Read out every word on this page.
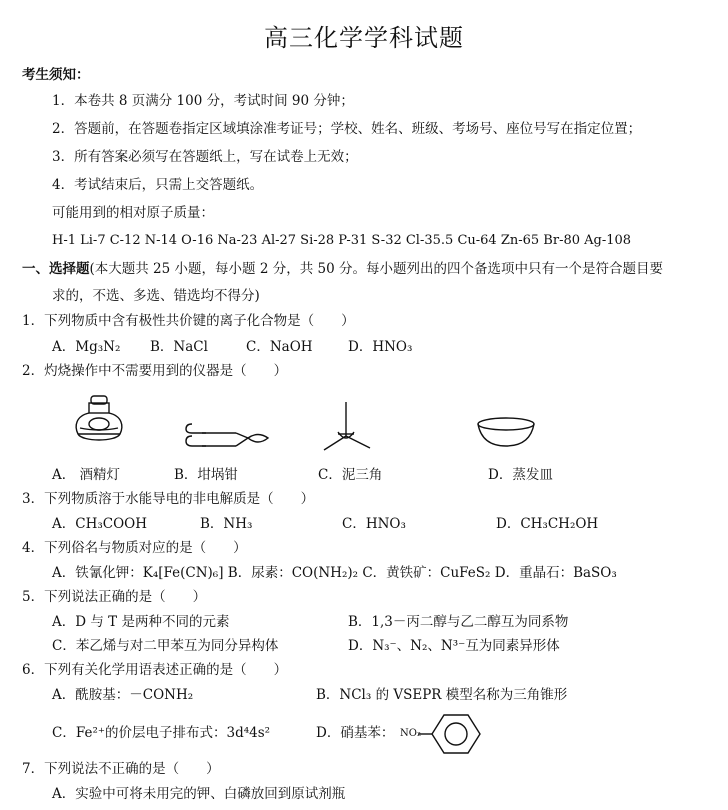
高三化学学科试题
考生须知：
1．本卷共 8 页满分 100 分，考试时间 90 分钟；
2．答题前，在答题卷指定区域填涂准考证号；学校、姓名、班级、考场号、座位号写在指定位置；
3．所有答案必须写在答题纸上，写在试卷上无效；
4．考试结束后，只需上交答题纸。
可能用到的相对原子质量：
H-1 Li-7 C-12 N-14 O-16 Na-23 Al-27 Si-28 P-31 S-32 Cl-35.5 Cu-64 Zn-65 Br-80 Ag-108
一、选择题(本大题共 25 小题，每小题 2 分，共 50 分。每小题列出的四个备选项中只有一个是符合题目要
求的，不选、多选、错选均不得分)
1．下列物质中含有极性共价键的离子化合物是（　　）
A．Mg₃N₂ B．NaCl	C．NaOH	D．HNO₃
2．灼烧操作中不需要用到的仪器是（　　）
A． 酒精灯	B．坩埚钳	C．泥三角	D．蒸发皿
3．下列物质溶于水能导电的非电解质是（　　）
A．CH₃COOH	B．NH₃	C．HNO₃	D．CH₃CH₂OH
4．下列俗名与物质对应的是（　　）
A．铁氰化钾：K₄[Fe(CN)₆] B．尿素：CO(NH₂)₂ C．黄铁矿：CuFeS₂ D．重晶石：BaSO₃
5．下列说法正确的是（　　）
A．D 与 T 是两种不同的元素	B．1,3－丙二醇与乙二醇互为同系物
C．苯乙烯与对二甲苯互为同分异构体	D．N₃⁻、N₂、N³⁻互为同素异形体
6．下列有关化学用语表述正确的是（　　）
A．酰胺基：－CONH₂	B．NCl₃ 的 VSEPR 模型名称为三角锥形
C．Fe²⁺的价层电子排布式：3d⁴4s²	D．硝基苯： NO₂
7．下列说法不正确的是（　　）
A．实验中可将未用完的钾、白磷放回到原试剂瓶
